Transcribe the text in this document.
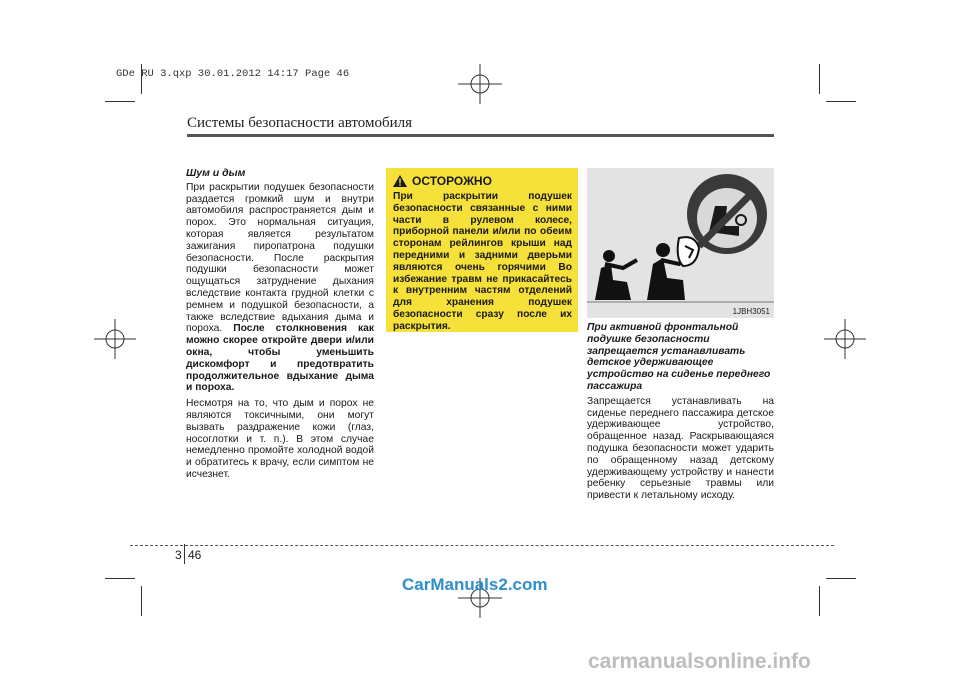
GDe RU 3.qxp 30.01.2012 14:17 Page 46
Системы безопасности автомобиля
Шум и дым

При раскрытии подушек безопасности раздается громкий шум и внутри автомобиля распространяется дым и порох. Это нормальная ситуация, которая является результатом зажигания пиропатрона подушки безопасности. После раскрытия подушки безопасности может ощущаться затруднение дыхания вследствие контакта грудной клетки с ремнем и подушкой безопасности, а также вследствие вдыхания дыма и пороха. После столкновения как можно скорее откройте двери и/или окна, чтобы уменьшить дискомфорт и предотвратить продолжительное вдыхание дыма и пороха.

Несмотря на то, что дым и порох не являются токсичными, они могут вызвать раздражение кожи (глаз, носоглотки и т. п.). В этом случае немедленно промойте холодной водой и обратитесь к врачу, если симптом не исчезнет.

ОСТОРОЖНО
При раскрытии подушек безопасности связанные с ними части в рулевом колесе, приборной панели и/или по обеим сторонам рейлингов крыши над передними и задними дверьми являются очень горячими Во избежание травм не прикасайтесь к внутренним частям отделений для хранения подушек безопасности сразу после их раскрытия.
AIRBAG
1JBH3051
При активной фронтальной подушке безопасности запрещается устанавливать детское удерживающее устройство на сиденье переднего пассажира

Запрещается устанавливать на сиденье переднего пассажира детское удерживающее устройство, обращенное назад. Раскрывающаяся подушка безопасности может ударить по обращенному назад детскому удерживающему устройству и нанести ребенку серьезные травмы или привести к летальному исходу.

3 46
CarManuals2.com
carmanualsonline.info
